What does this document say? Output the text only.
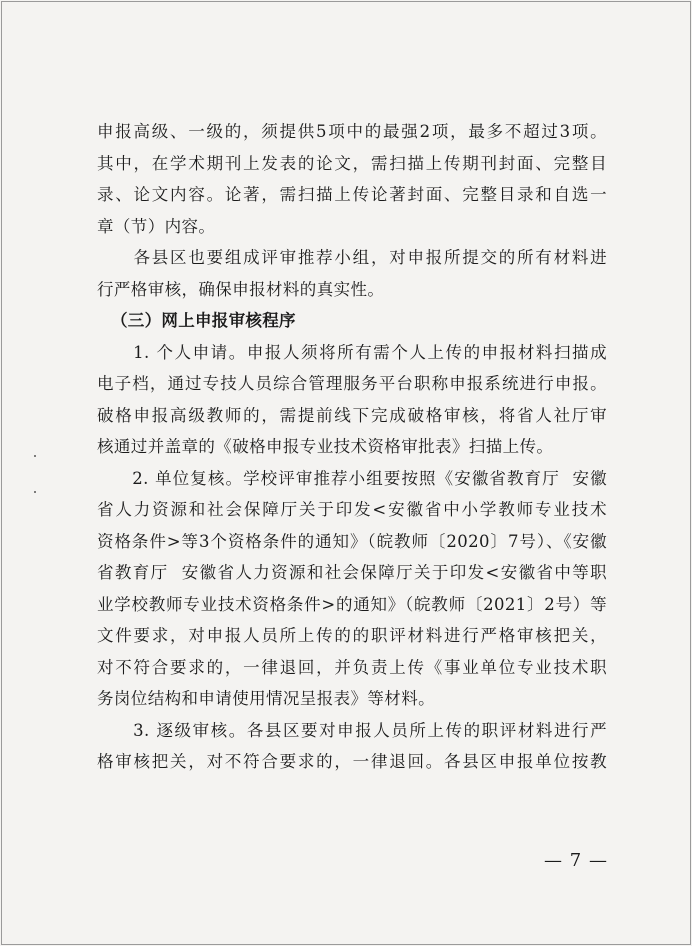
申报高级、一级的，须提供5项中的最强2项，最多不超过3项。

其中，在学术期刊上发表的论文，需扫描上传期刊封面、完整目

录、论文内容。论著，需扫描上传论著封面、完整目录和自选一

章（节）内容。

　　各县区也要组成评审推荐小组，对申报所提交的所有材料进

行严格审核，确保申报材料的真实性。

（三）网上申报审核程序

　　1. 个人申请。申报人须将所有需个人上传的申报材料扫描成

电子档，通过专技人员综合管理服务平台职称申报系统进行申报。

破格申报高级教师的，需提前线下完成破格审核，将省人社厅审

核通过并盖章的《破格申报专业技术资格审批表》扫描上传。

　　2. 单位复核。学校评审推荐小组要按照《安徽省教育厅  安徽

省人力资源和社会保障厅关于印发<安徽省中小学教师专业技术

资格条件>等3个资格条件的通知》（皖教师〔2020〕7号）、《安徽

省教育厅  安徽省人力资源和社会保障厅关于印发<安徽省中等职

业学校教师专业技术资格条件>的通知》（皖教师〔2021〕2号）等

文件要求，对申报人员所上传的的职评材料进行严格审核把关，

对不符合要求的，一律退回，并负责上传《事业单位专业技术职

务岗位结构和申请使用情况呈报表》等材料。

　　3. 逐级审核。各县区要对申报人员所上传的职评材料进行严

格审核把关，对不符合要求的，一律退回。各县区申报单位按教

— 7 —
